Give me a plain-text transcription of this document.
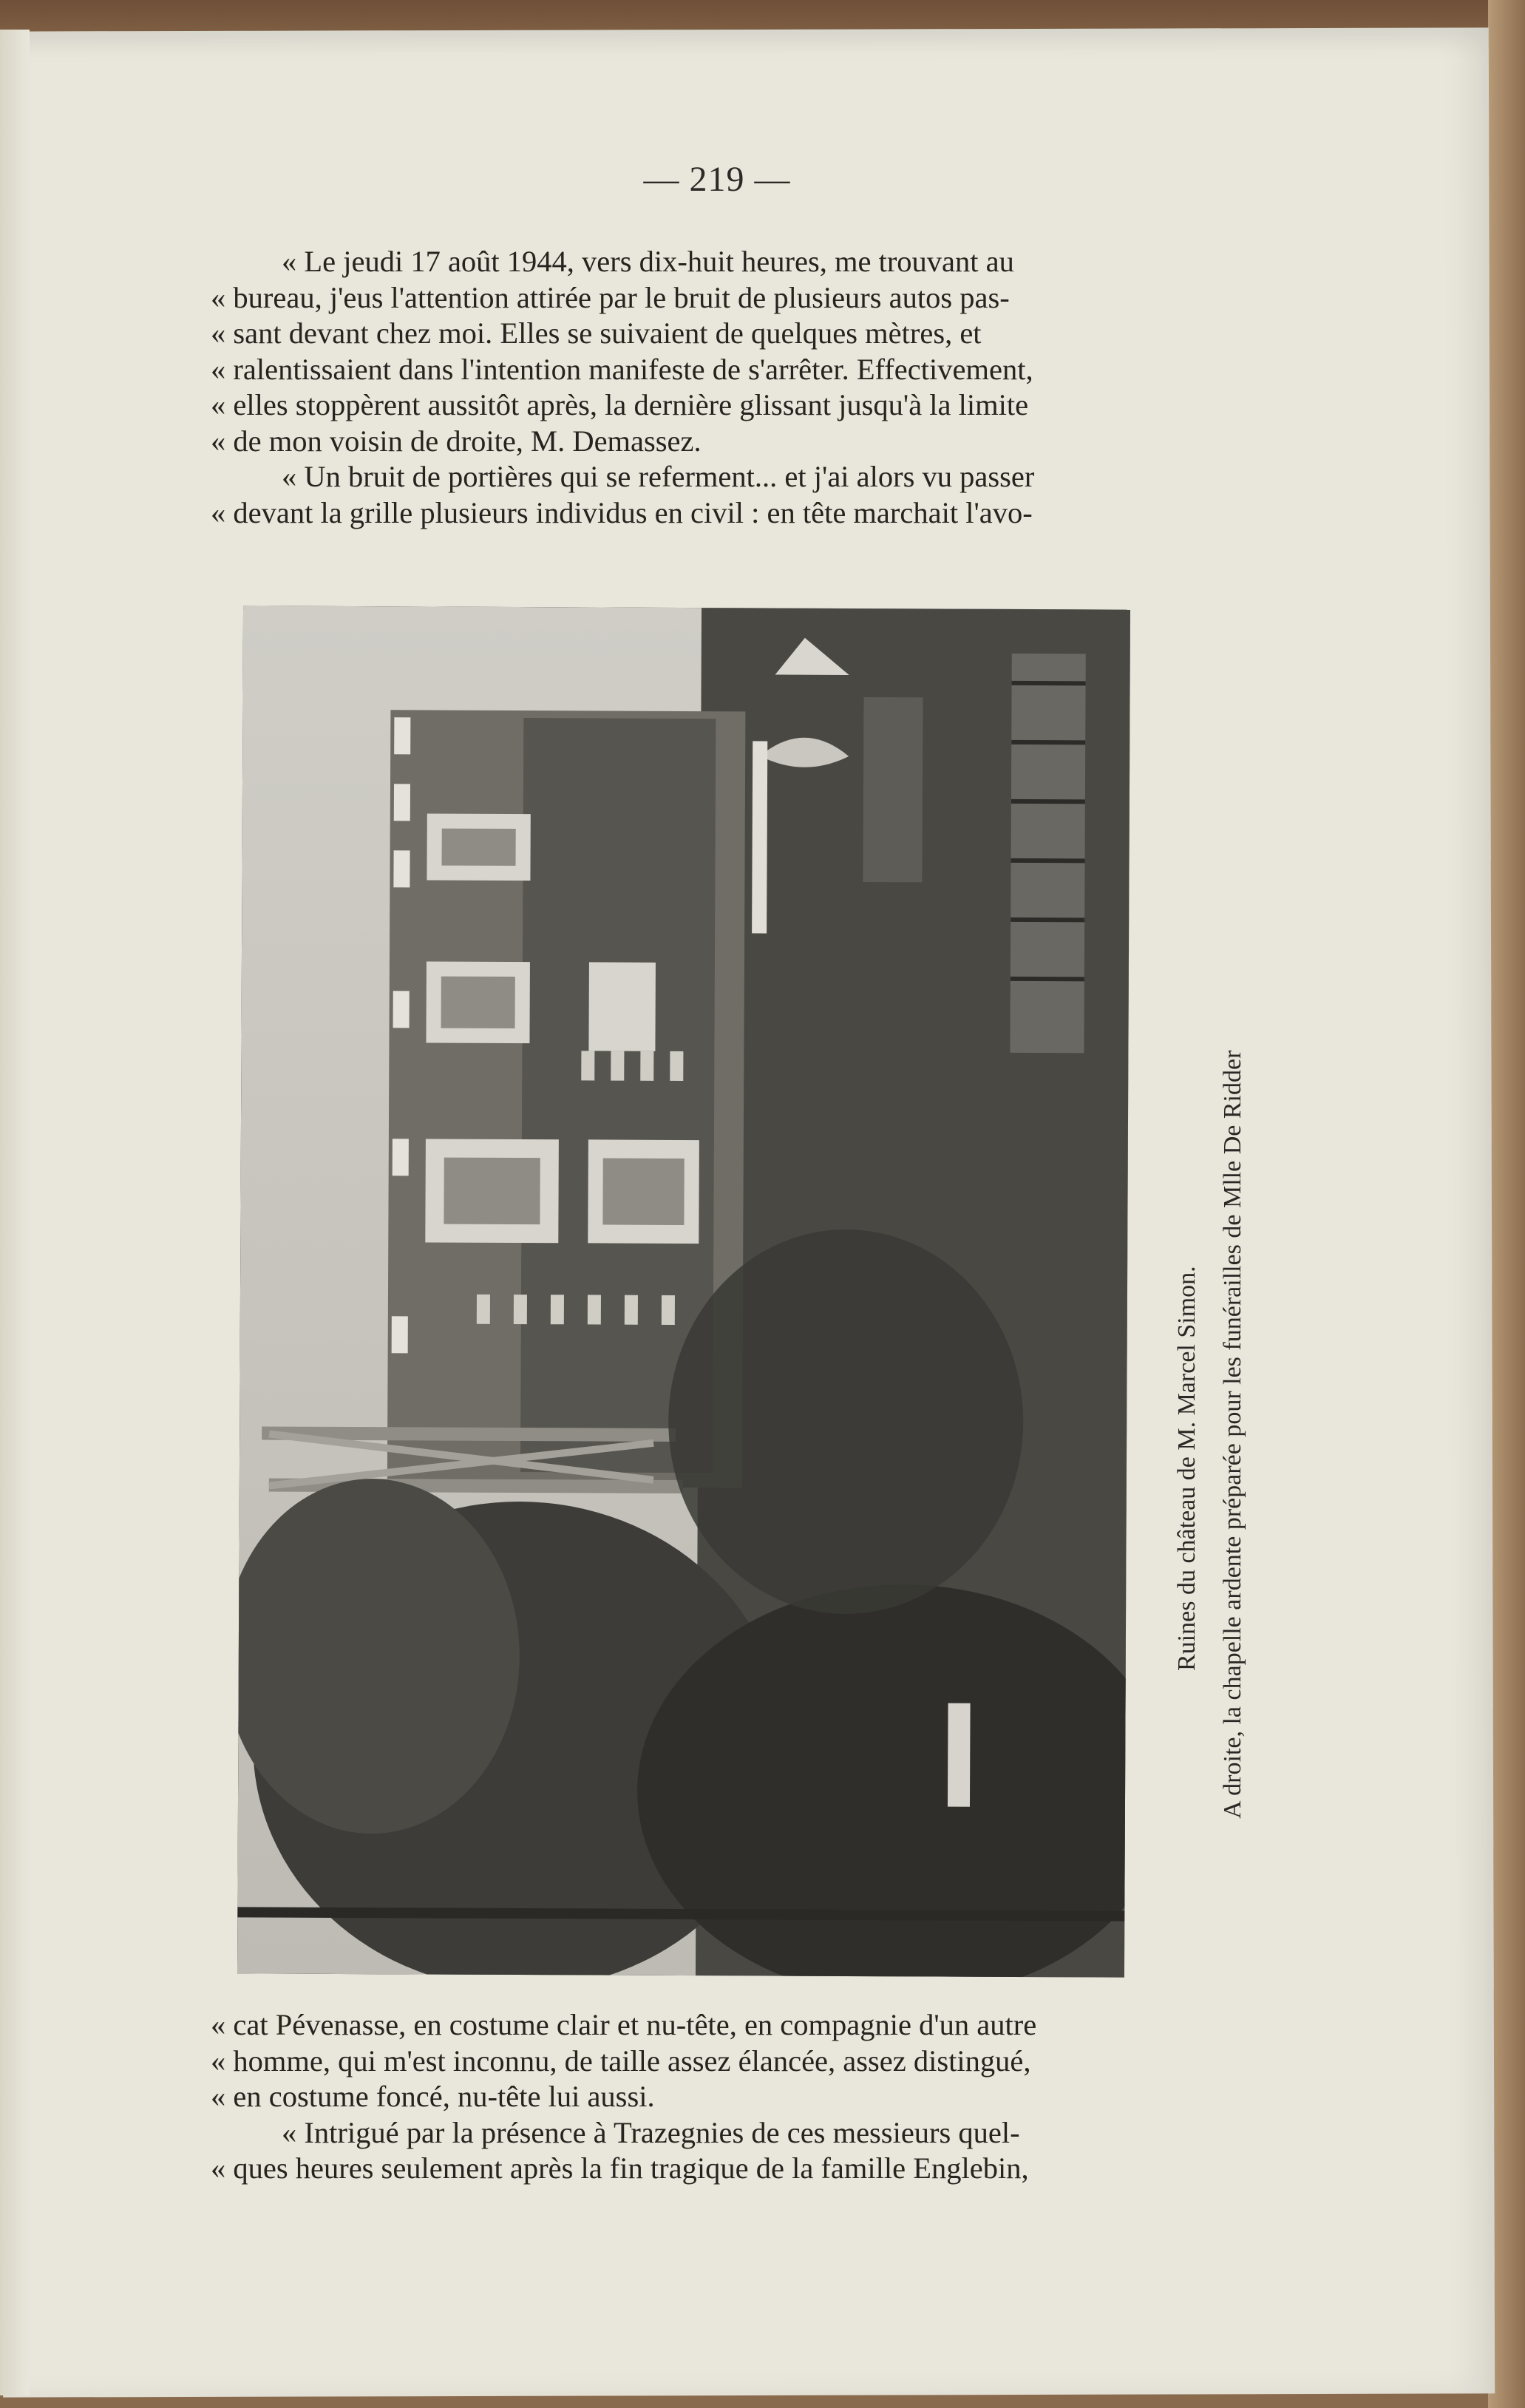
— 219 —
« Le jeudi 17 août 1944, vers dix-huit heures, me trouvant au
« bureau, j'eus l'attention attirée par le bruit de plusieurs autos pas-
« sant devant chez moi. Elles se suivaient de quelques mètres, et
« ralentissaient dans l'intention manifeste de s'arrêter. Effectivement,
« elles stoppèrent aussitôt après, la dernière glissant jusqu'à la limite
« de mon voisin de droite, M. Demassez.
« Un bruit de portières qui se referment... et j'ai alors vu passer
« devant la grille plusieurs individus en civil : en tête marchait l'avo-
Ruines du château de M. Marcel Simon. A droite, la chapelle ardente préparée pour les funérailles de Mlle De Ridder
« cat Pévenasse, en costume clair et nu-tête, en compagnie d'un autre
« homme, qui m'est inconnu, de taille assez élancée, assez distingué,
« en costume foncé, nu-tête lui aussi.
« Intrigué par la présence à Trazegnies de ces messieurs quel-
« ques heures seulement après la fin tragique de la famille Englebin,
